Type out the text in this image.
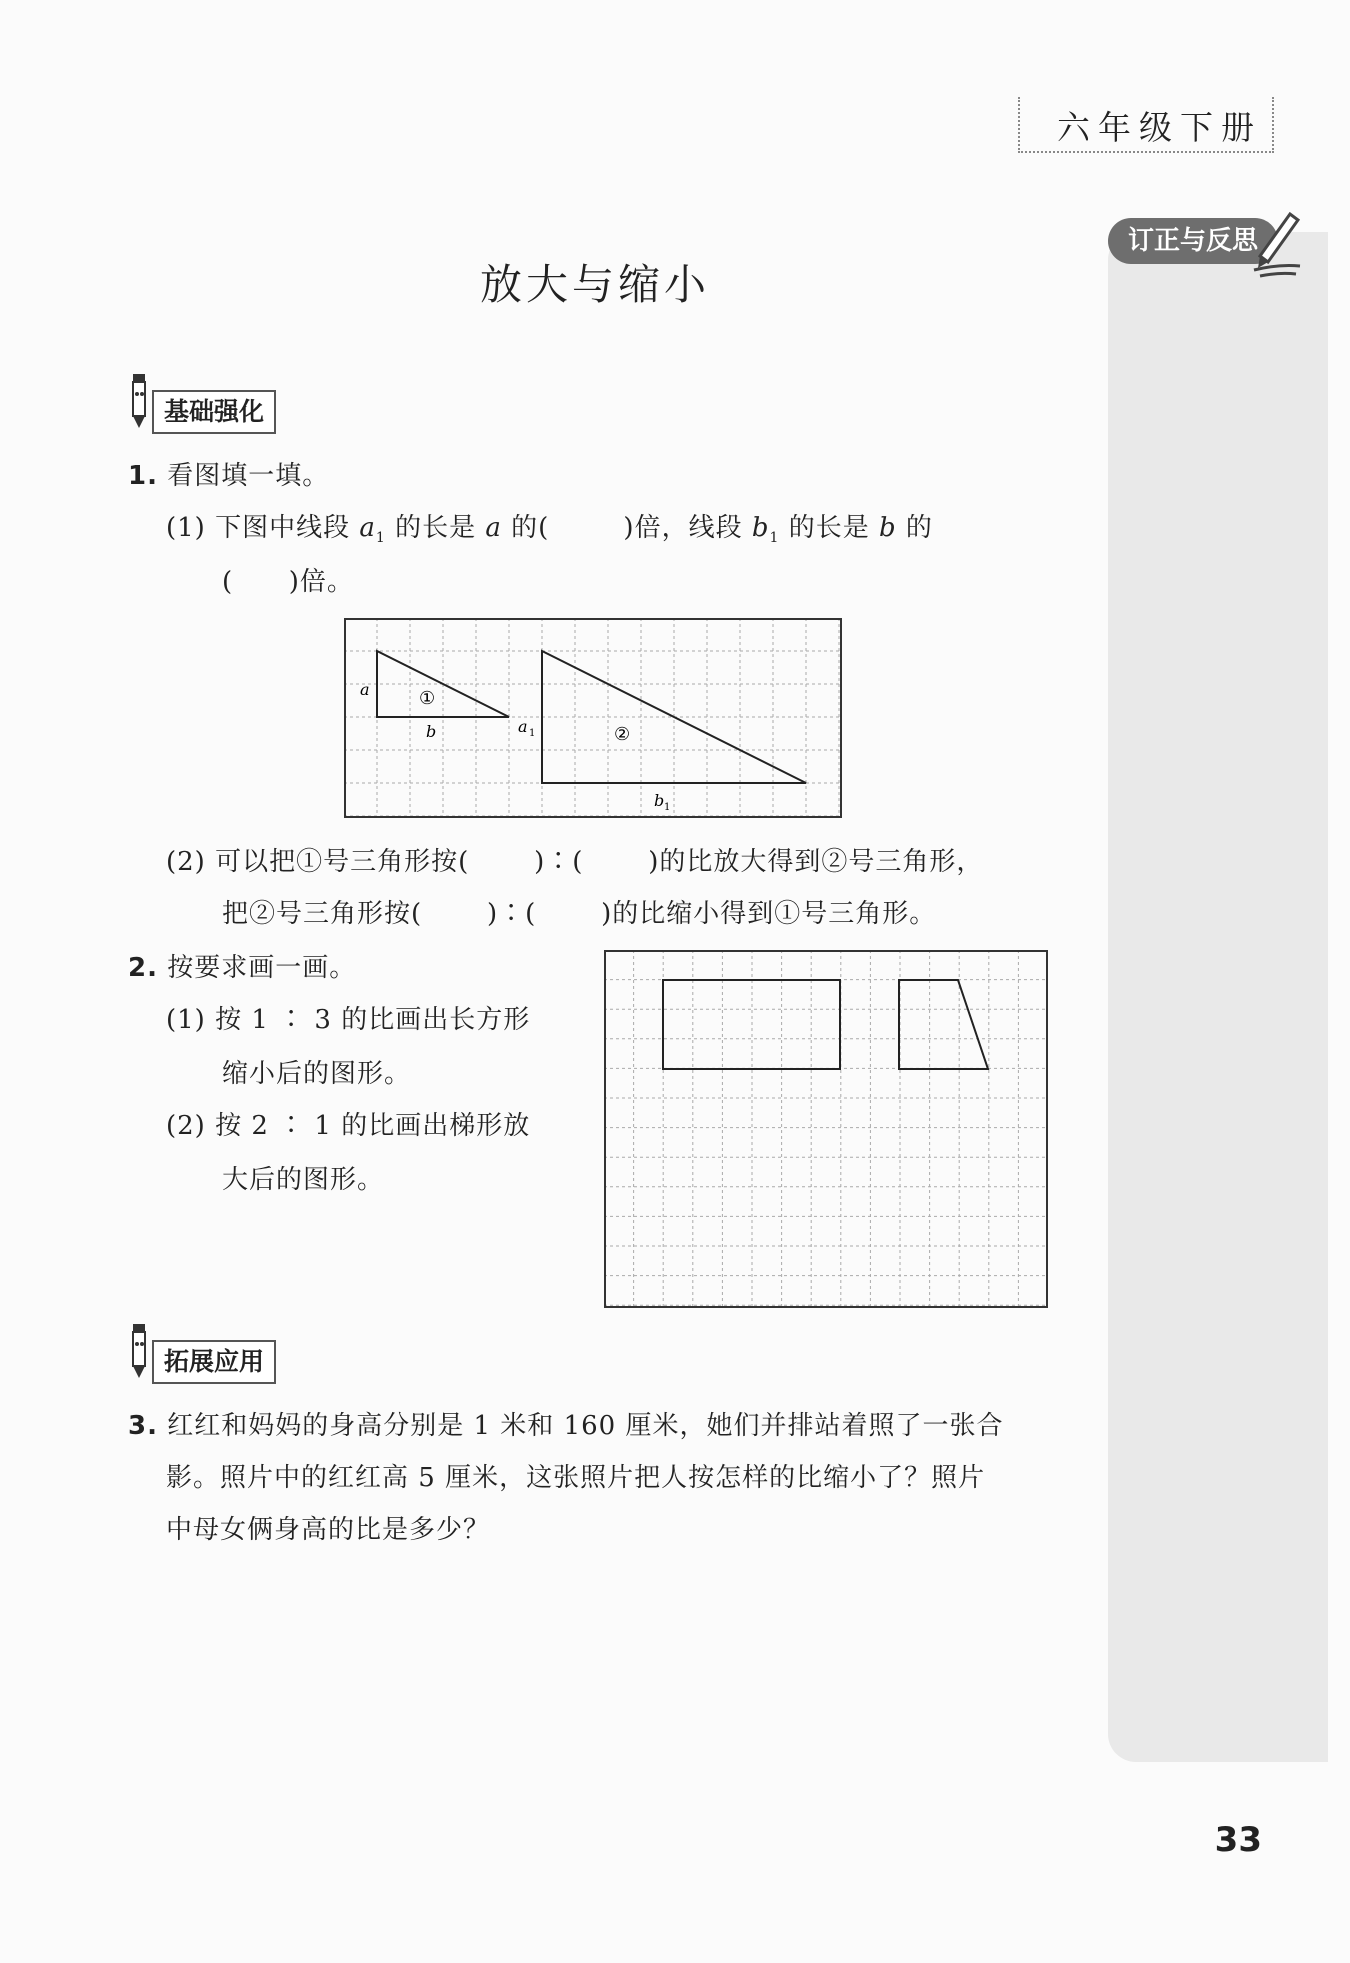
六年级下册
订正与反思
放大与缩小
基础强化
1. 看图填一填。
(1) 下图中线段 $a_1$ 的长是 a 的(	)倍，线段 $b_1$ 的长是 b 的
(      )倍。
a
b
①
a 1	②
b 1
(2) 可以把①号三角形按(       )∶(       )的比放大得到②号三角形，
把②号三角形按(       )∶(       )的比缩小得到①号三角形。
2. 按要求画一画。
(1) 按 1 ∶ 3 的比画出长方形
缩小后的图形。
(2) 按 2 ∶ 1 的比画出梯形放
大后的图形。
拓展应用
3. 红红和妈妈的身高分别是 1 米和 160 厘米，她们并排站着照了一张合
影。照片中的红红高 5 厘米，这张照片把人按怎样的比缩小了？照片
中母女俩身高的比是多少？
33
